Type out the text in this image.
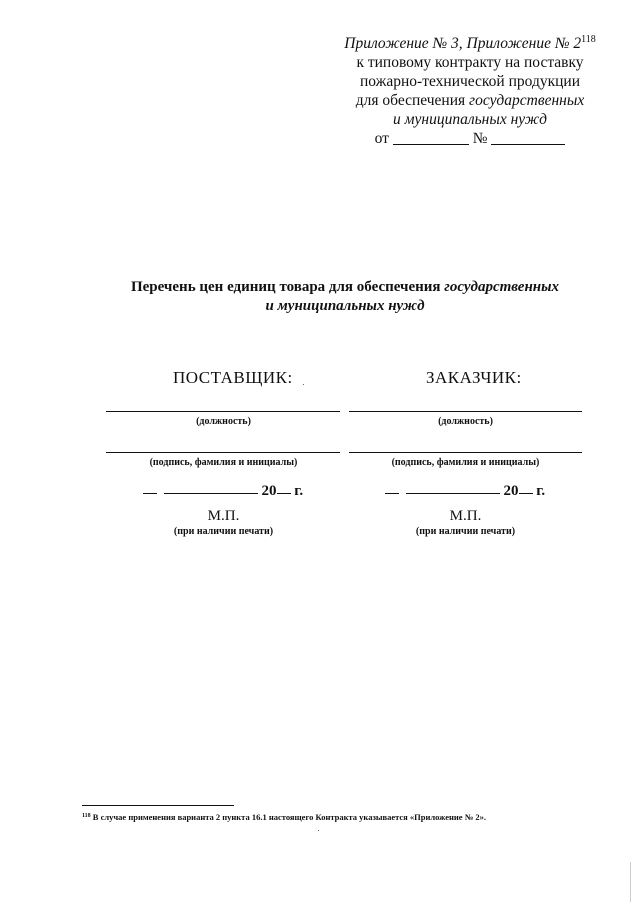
Приложение № 3, Приложение № $2^{118}$
к типовому контракту на поставку
пожарно-технической продукции
для обеспечения государственных
и муниципальных нужд
от	№
Перечень цен единиц товара для обеспечения государственных
и муниципальных нужд
ПОСТАВЩИК:	ЗАКАЗЧИК:
(должность)	(должность)
(подпись, фамилия и инициалы)	(подпись, фамилия и инициалы)
20 г.	20 г.
М.П.	М.П.
(при наличии печати)	(при наличии печати)
$^{118}$ В случае применения варианта 2 пункта 16.1 настоящего Контракта указывается «Приложение № 2».
